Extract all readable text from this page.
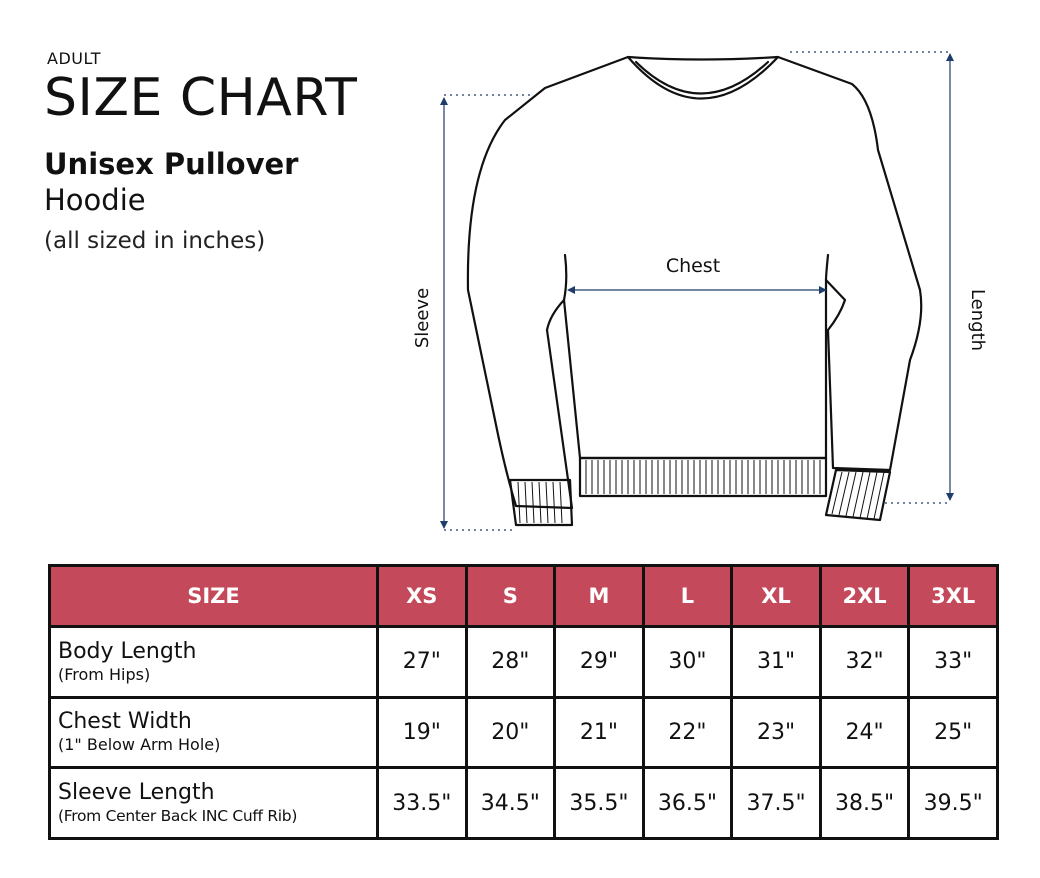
ADULT
SIZE CHART
Unisex Pullover
Hoodie
(all sized in inches)
Chest
Sleeve	Length
SIZE	XS	S	M	L	XL	2XL	3XL

Body Length
(From Hips)	27"	28"	29"	30"	31"	32"	33"

Chest Width
(1" Below Arm Hole)	19"	20"	21"	22"	23"	24"	25"

Sleeve Length
(From Center Back INC Cuff Rib)	33.5"	34.5"	35.5"	36.5"	37.5"	38.5"	39.5"
